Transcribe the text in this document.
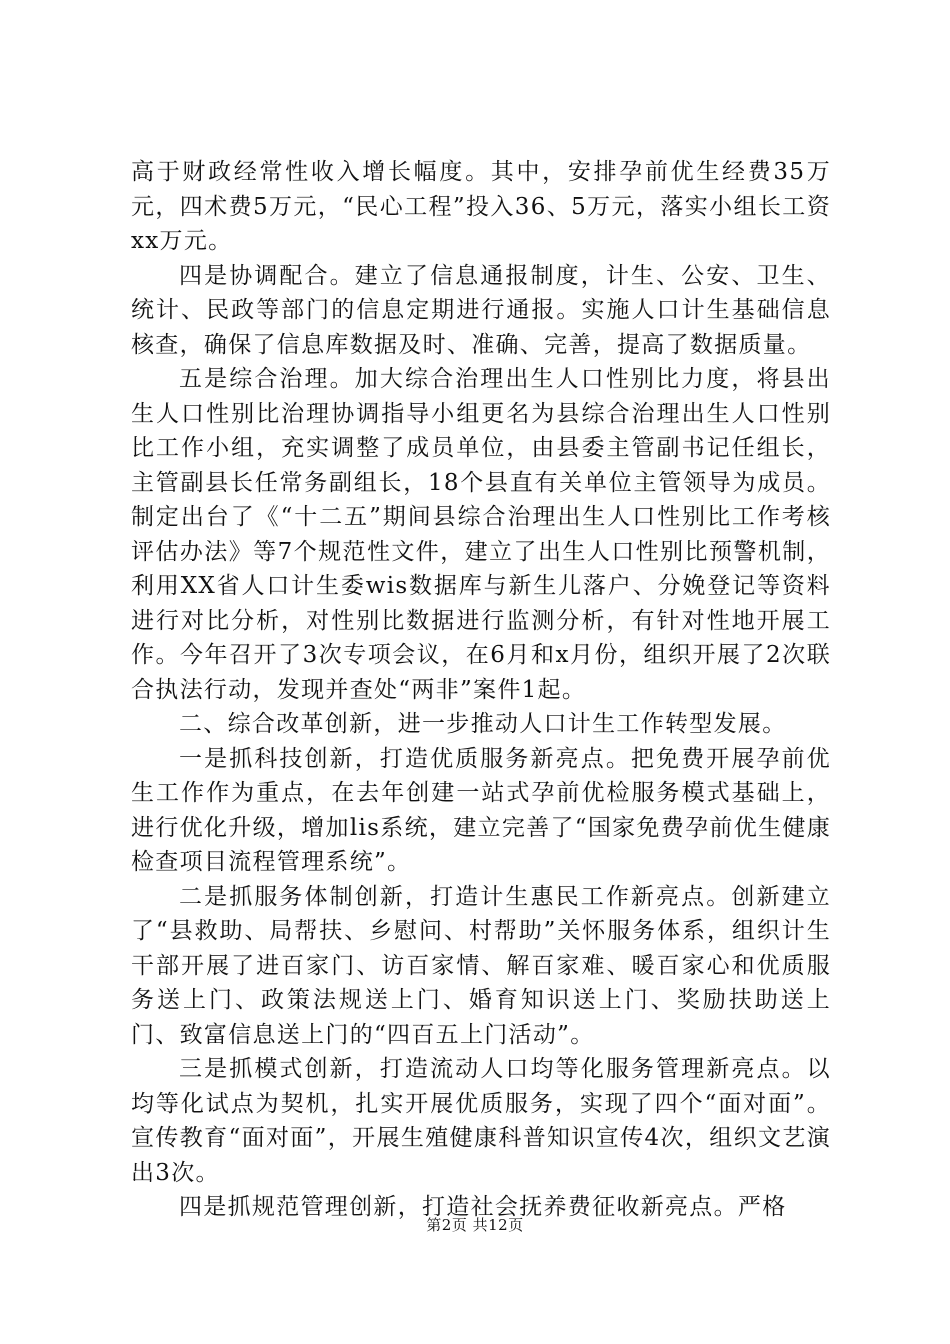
高于财政经常性收入增长幅度。其中，安排孕前优生经费35万元，四术费5万元，“民心工程”投入36、5万元，落实小组长工资xx万元。

四是协调配合。建立了信息通报制度，计生、公安、卫生、统计、民政等部门的信息定期进行通报。实施人口计生基础信息核查，确保了信息库数据及时、准确、完善，提高了数据质量。

五是综合治理。加大综合治理出生人口性别比力度，将县出生人口性别比治理协调指导小组更名为县综合治理出生人口性别比工作小组，充实调整了成员单位，由县委主管副书记任组长，主管副县长任常务副组长，18个县直有关单位主管领导为成员。制定出台了《“十二五”期间县综合治理出生人口性别比工作考核评估办法》等7个规范性文件，建立了出生人口性别比预警机制，利用XX省人口计生委wis数据库与新生儿落户、分娩登记等资料进行对比分析，对性别比数据进行监测分析，有针对性地开展工作。今年召开了3次专项会议，在6月和x月份，组织开展了2次联合执法行动，发现并查处“两非”案件1起。

二、综合改革创新，进一步推动人口计生工作转型发展。

一是抓科技创新，打造优质服务新亮点。把免费开展孕前优生工作作为重点，在去年创建一站式孕前优检服务模式基础上，进行优化升级，增加lis系统，建立完善了“国家免费孕前优生健康检查项目流程管理系统”。

二是抓服务体制创新，打造计生惠民工作新亮点。创新建立了“县救助、局帮扶、乡慰问、村帮助”关怀服务体系，组织计生干部开展了进百家门、访百家情、解百家难、暖百家心和优质服务送上门、政策法规送上门、婚育知识送上门、奖励扶助送上门、致富信息送上门的“四百五上门活动”。

三是抓模式创新，打造流动人口均等化服务管理新亮点。以均等化试点为契机，扎实开展优质服务，实现了四个“面对面”。宣传教育“面对面”，开展生殖健康科普知识宣传4次，组织文艺演出3次。

四是抓规范管理创新，打造社会抚养费征收新亮点。严格

第2页 共12页
